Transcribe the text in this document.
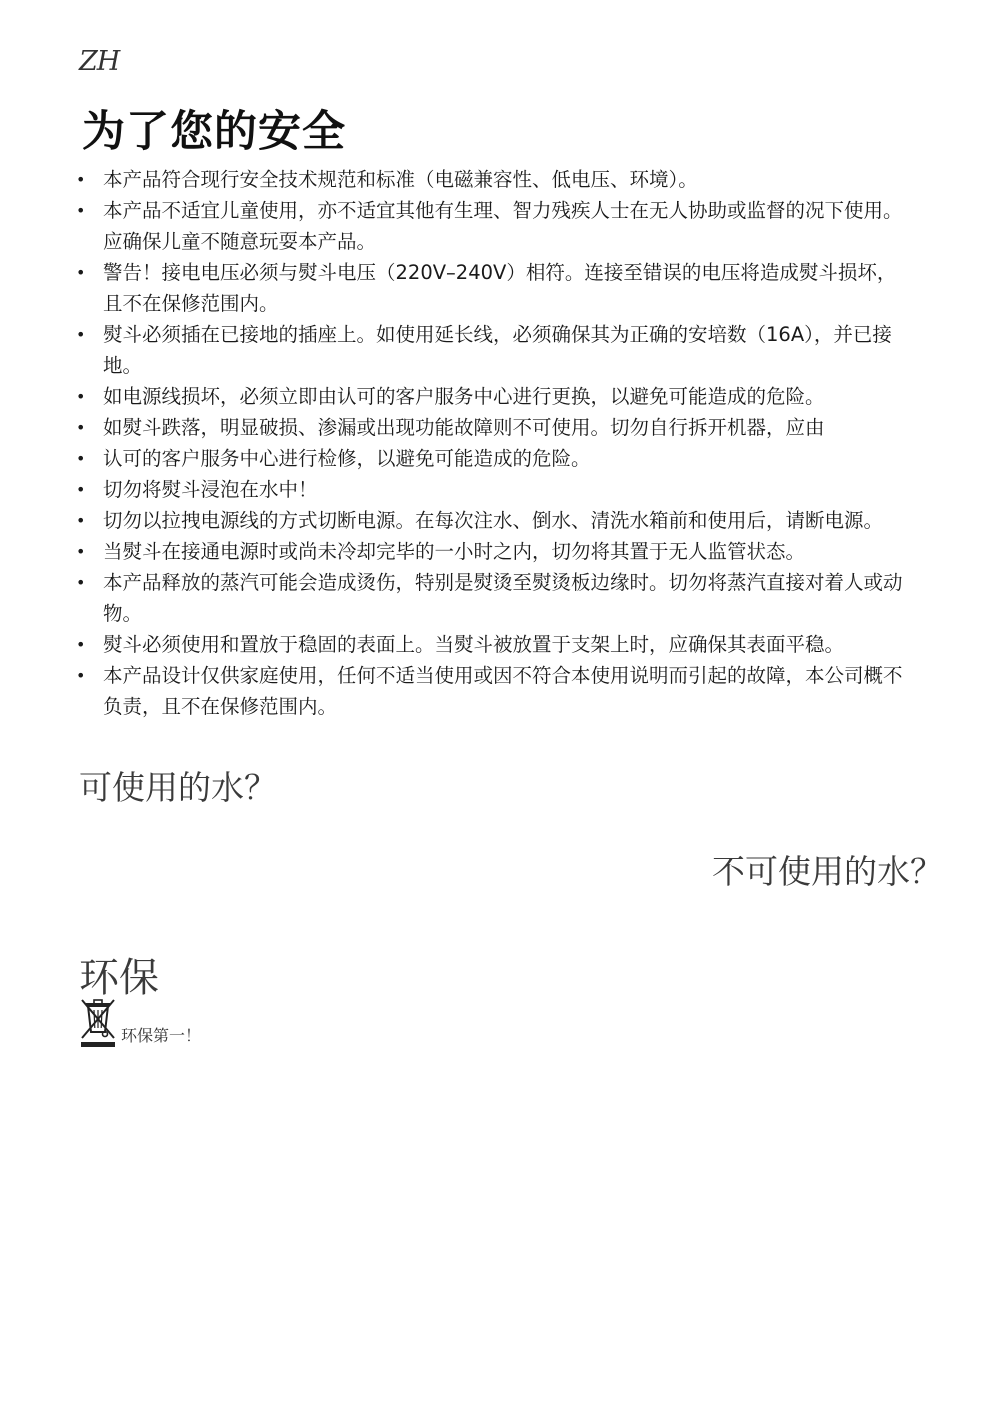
ZH
为了您的安全
• 本产品符合现行安全技术规范和标准（电磁兼容性、低电压、环境）。
• 本产品不适宜儿童使用，亦不适宜其他有生理、智力残疾人士在无人协助或监督的况下使用。应确保儿童不随意玩耍本产品。
• 警告！接电电压必须与熨斗电压（220V–240V）相符。连接至错误的电压将造成熨斗损坏，且不在保修范围内。
• 熨斗必须插在已接地的插座上。如使用延长线，必须确保其为正确的安培数（16A），并已接地。
• 如电源线损坏，必须立即由认可的客户服务中心进行更换，以避免可能造成的危险。
• 如熨斗跌落，明显破损、渗漏或出现功能故障则不可使用。切勿自行拆开机器，应由
• 认可的客户服务中心进行检修，以避免可能造成的危险。
• 切勿将熨斗浸泡在水中！
• 切勿以拉拽电源线的方式切断电源。在每次注水、倒水、清洗水箱前和使用后，请断电源。
• 当熨斗在接通电源时或尚未冷却完毕的一小时之内，切勿将其置于无人监管状态。
• 本产品释放的蒸汽可能会造成烫伤，特别是熨烫至熨烫板边缘时。切勿将蒸汽直接对着人或动物。
• 熨斗必须使用和置放于稳固的表面上。当熨斗被放置于支架上时，应确保其表面平稳。
• 本产品设计仅供家庭使用，任何不适当使用或因不符合本使用说明而引起的故障，本公司概不负责，且不在保修范围内。
可使用的水？
不可使用的水？
环保
环保第一！
